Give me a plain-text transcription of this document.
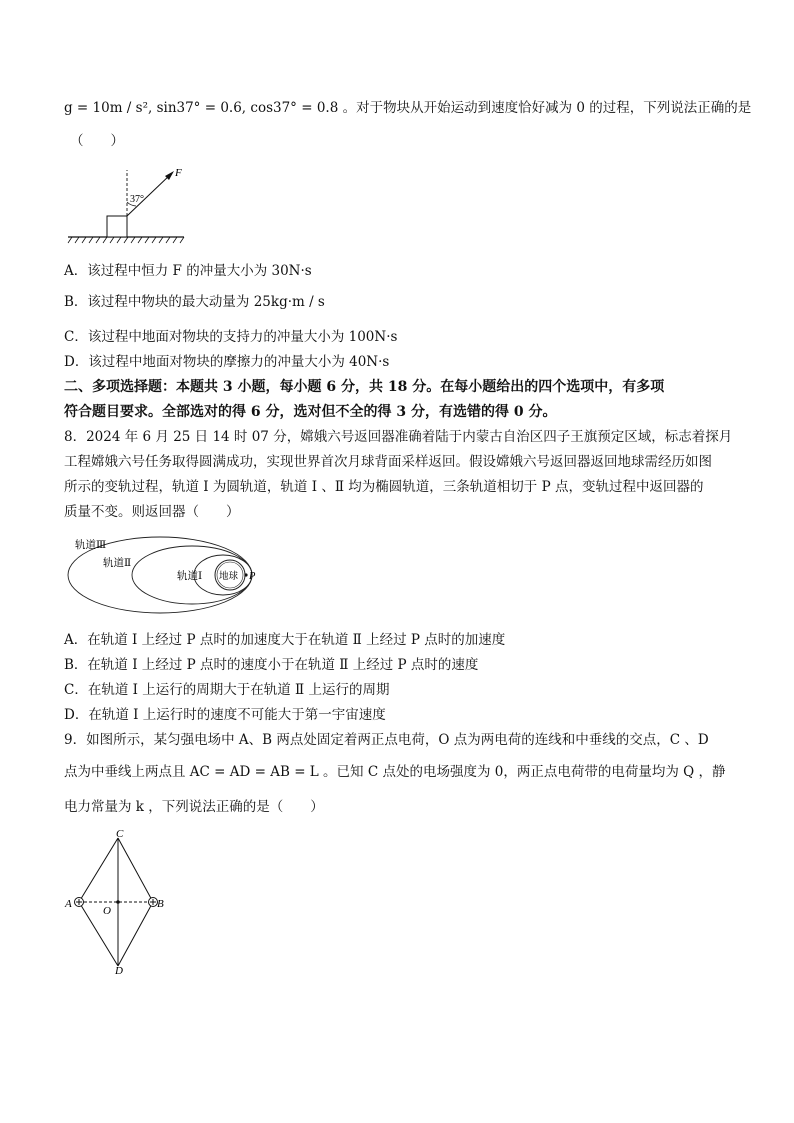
g = 10m / s², sin37° = 0.6, cos37° = 0.8 。对于物块从开始运动到速度恰好减为 0 的过程，下列说法正确的是
（　　）
37°
F
A．该过程中恒力 F 的冲量大小为 30N·s
B．该过程中物块的最大动量为 25kg·m / s
C．该过程中地面对物块的支持力的冲量大小为 100N·s
D．该过程中地面对物块的摩擦力的冲量大小为 40N·s
二、多项选择题：本题共 3 小题，每小题 6 分，共 18 分。在每小题给出的四个选项中，有多项
符合题目要求。全部选对的得 6 分，选对但不全的得 3 分，有选错的得 0 分。
8．2024 年 6 月 25 日 14 时 07 分，嫦娥六号返回器准确着陆于内蒙古自治区四子王旗预定区域，标志着探月
工程嫦娥六号任务取得圆满成功，实现世界首次月球背面采样返回。假设嫦娥六号返回器返回地球需经历如图
所示的变轨过程，轨道 Ⅰ 为圆轨道，轨道 Ⅰ 、Ⅱ 均为椭圆轨道，三条轨道相切于 P 点，变轨过程中返回器的
质量不变。则返回器（　　）
轨道Ⅲ
轨道Ⅱ
轨道Ⅰ 地球 P
A．在轨道 Ⅰ 上经过 P 点时的加速度大于在轨道 Ⅱ 上经过 P 点时的加速度
B．在轨道 Ⅰ 上经过 P 点时的速度小于在轨道 Ⅱ 上经过 P 点时的速度
C．在轨道 Ⅰ 上运行的周期大于在轨道 Ⅱ 上运行的周期
D．在轨道 Ⅰ 上运行时的速度不可能大于第一宇宙速度
9．如图所示，某匀强电场中 A、B 两点处固定着两正点电荷，O 点为两电荷的连线和中垂线的交点，C 、D
点为中垂线上两点且 AC = AD = AB = L 。已知 C 点处的电场强度为 0，两正点电荷带的电荷量均为 Q ，静
电力常量为 k ，下列说法正确的是（　　）
C
A	B
O
D
